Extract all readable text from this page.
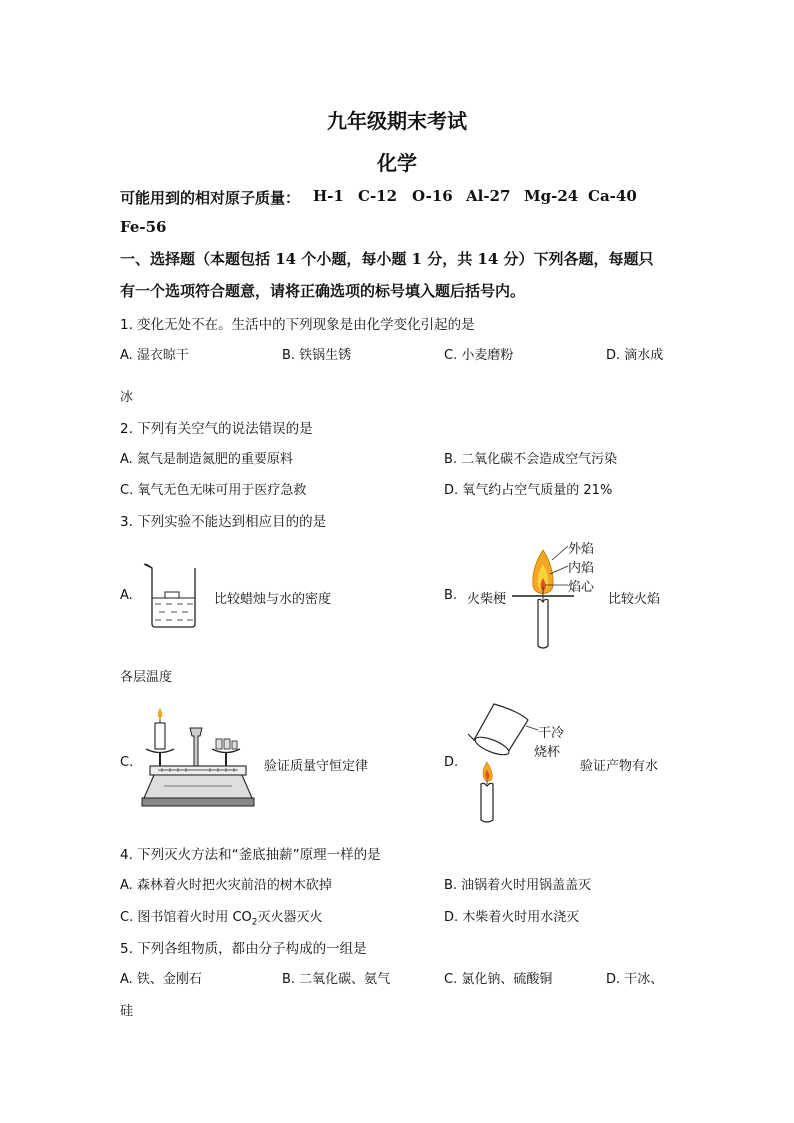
九年级期末考试
化学
可能用到的相对原子质量： H-1 C-12 O-16 Al-27 Mg-24 Ca-40
Fe-56
一、选择题（本题包括 14 个小题，每小题 1 分，共 14 分）下列各题，每题只
有一个选项符合题意，请将正确选项的标号填入题后括号内。
1. 变化无处不在。生活中的下列现象是由化学变化引起的是
A. 湿衣晾干	B. 铁锅生锈	C. 小麦磨粉	D. 滴水成
冰
2. 下列有关空气的说法错误的是
A. 氮气是制造氮肥的重要原料	B. 二氧化碳不会造成空气污染
C. 氧气无色无味可用于医疗急救	D. 氧气约占空气质量的 21%
3. 下列实验不能达到相应目的的是
A.	比较蜡烛与水的密度	B. 火柴梗
外焰
内焰
焰心
比较火焰
各层温度
C.	验证质量守恒定律	D.
干冷
烧杯
验证产物有水
4. 下列灭火方法和“釜底抽薪”原理一样的是
A. 森林着火时把火灾前沿的树木砍掉	B. 油锅着火时用锅盖盖灭
C. 图书馆着火时用 $CO_2$灭火器灭火	D. 木柴着火时用水浇灭
5. 下列各组物质，都由分子构成的一组是
A. 铁、金刚石	B. 二氧化碳、氨气	C. 氯化钠、硫酸铜	D. 干冰、
硅
